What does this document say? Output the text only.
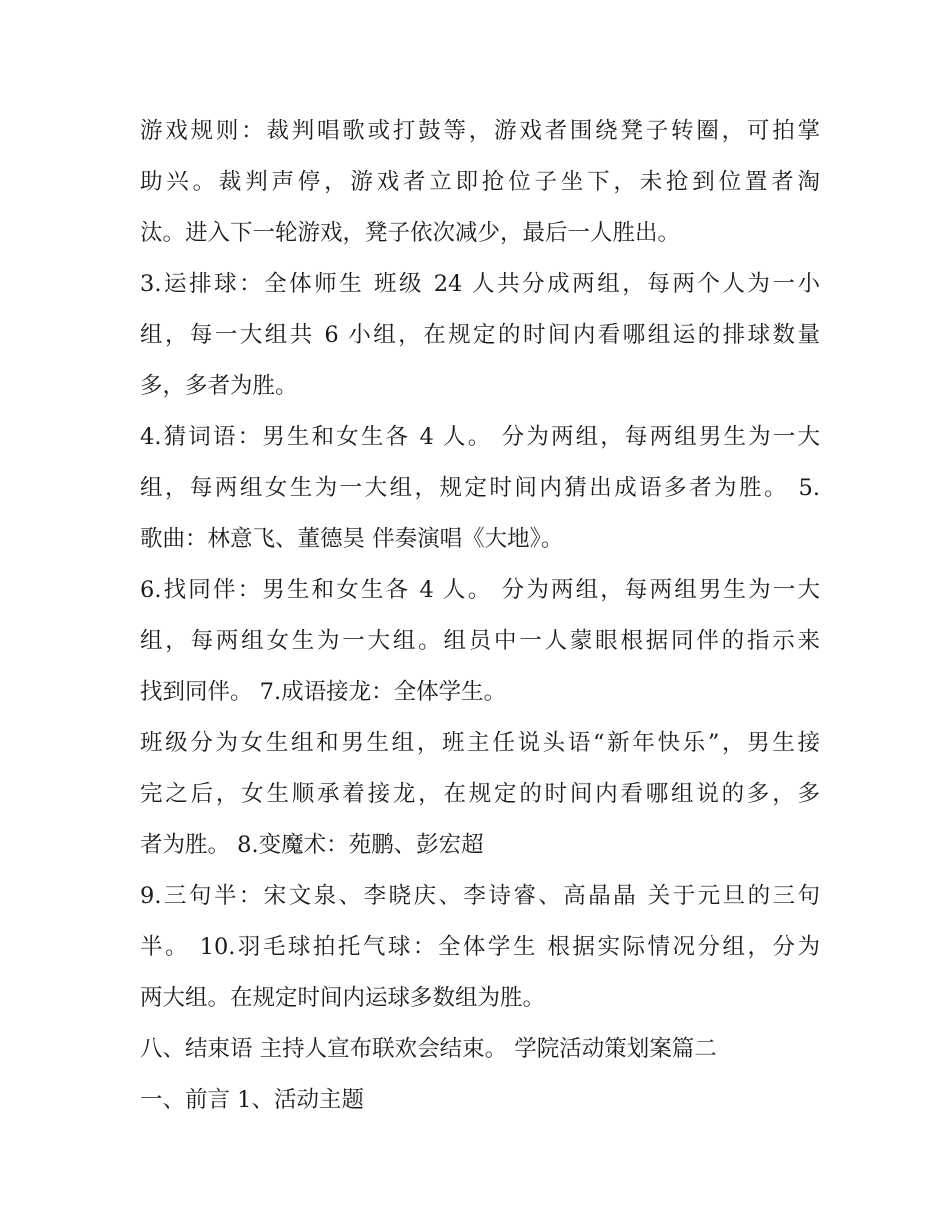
游戏规则：裁判唱歌或打鼓等，游戏者围绕凳子转圈，可拍掌
助兴。裁判声停，游戏者立即抢位子坐下，未抢到位置者淘
汰。进入下一轮游戏，凳子依次减少，最后一人胜出。
3.运排球：全体师生 班级 24 人共分成两组，每两个人为一小
组，每一大组共 6 小组，在规定的时间内看哪组运的排球数量
多，多者为胜。
4.猜词语：男生和女生各 4 人。 分为两组，每两组男生为一大
组，每两组女生为一大组，规定时间内猜出成语多者为胜。 5.
歌曲：林意飞、董德昊 伴奏演唱《大地》。
6.找同伴：男生和女生各 4 人。 分为两组，每两组男生为一大
组，每两组女生为一大组。组员中一人蒙眼根据同伴的指示来
找到同伴。 7.成语接龙：全体学生。
班级分为女生组和男生组，班主任说头语“新年快乐”，男生接
完之后，女生顺承着接龙，在规定的时间内看哪组说的多，多
者为胜。 8.变魔术：苑鹏、彭宏超
9.三句半：宋文泉、李晓庆、李诗睿、高晶晶 关于元旦的三句
半。 10.羽毛球拍托气球：全体学生 根据实际情况分组，分为
两大组。在规定时间内运球多数组为胜。
八、结束语 主持人宣布联欢会结束。 学院活动策划案篇二
一、前言 1、活动主题
